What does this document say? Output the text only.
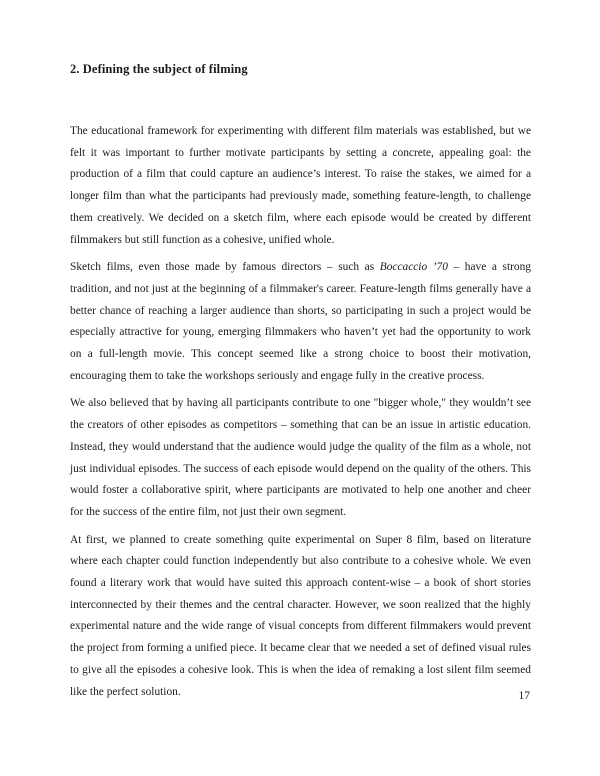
2. Defining the subject of filming

The educational framework for experimenting with different film materials was established, but we felt it was important to further motivate participants by setting a concrete, appealing goal: the production of a film that could capture an audience’s interest. To raise the stakes, we aimed for a longer film than what the participants had previously made, something feature-length, to challenge them creatively. We decided on a sketch film, where each episode would be created by different filmmakers but still function as a cohesive, unified whole.

Sketch films, even those made by famous directors – such as Boccaccio ’70 – have a strong tradition, and not just at the beginning of a filmmaker's career. Feature-length films generally have a better chance of reaching a larger audience than shorts, so participating in such a project would be especially attractive for young, emerging filmmakers who haven’t yet had the opportunity to work on a full-length movie. This concept seemed like a strong choice to boost their motivation, encouraging them to take the workshops seriously and engage fully in the creative process.

We also believed that by having all participants contribute to one "bigger whole," they wouldn’t see the creators of other episodes as competitors – something that can be an issue in artistic education. Instead, they would understand that the audience would judge the quality of the film as a whole, not just individual episodes. The success of each episode would depend on the quality of the others. This would foster a collaborative spirit, where participants are motivated to help one another and cheer for the success of the entire film, not just their own segment.

At first, we planned to create something quite experimental on Super 8 film, based on literature where each chapter could function independently but also contribute to a cohesive whole. We even found a literary work that would have suited this approach content-wise – a book of short stories interconnected by their themes and the central character. However, we soon realized that the highly experimental nature and the wide range of visual concepts from different filmmakers would prevent the project from forming a unified piece. It became clear that we needed a set of defined visual rules to give all the episodes a cohesive look. This is when the idea of remaking a lost silent film seemed like the perfect solution.	17
